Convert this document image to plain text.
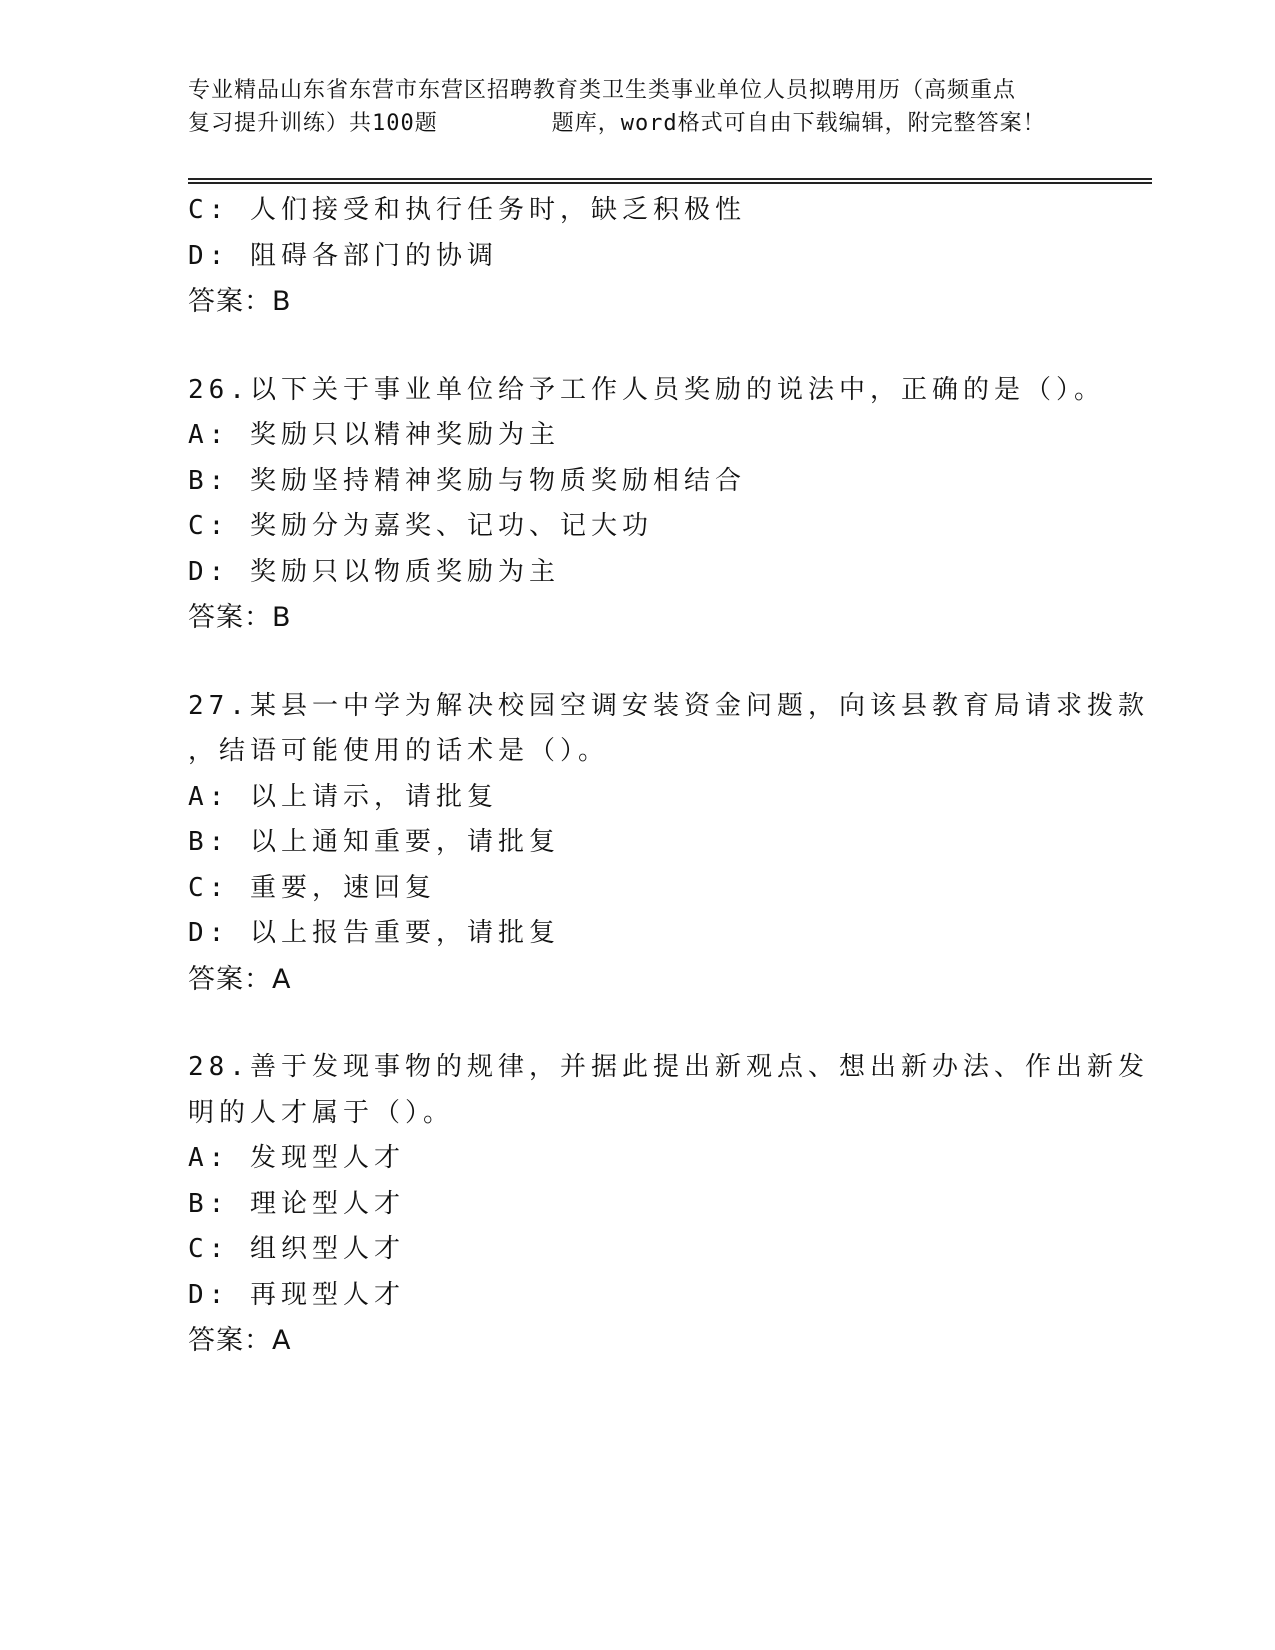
专业精品山东省东营市东营区招聘教育类卫生类事业单位人员拟聘用历（高频重点
复习提升训练）共100题        题库，word格式可自由下载编辑，附完整答案！
C: 人们接受和执行任务时，缺乏积极性
D: 阻碍各部门的协调
答案：B
26.以下关于事业单位给予工作人员奖励的说法中，正确的是（）。
A: 奖励只以精神奖励为主
B: 奖励坚持精神奖励与物质奖励相结合
C: 奖励分为嘉奖、记功、记大功
D: 奖励只以物质奖励为主
答案：B
27.某县一中学为解决校园空调安装资金问题，向该县教育局请求拨款
，结语可能使用的话术是（）。
A: 以上请示，请批复
B: 以上通知重要，请批复
C: 重要，速回复
D: 以上报告重要，请批复
答案：A
28.善于发现事物的规律，并据此提出新观点、想出新办法、作出新发
明的人才属于（）。
A: 发现型人才
B: 理论型人才
C: 组织型人才
D: 再现型人才
答案：A
